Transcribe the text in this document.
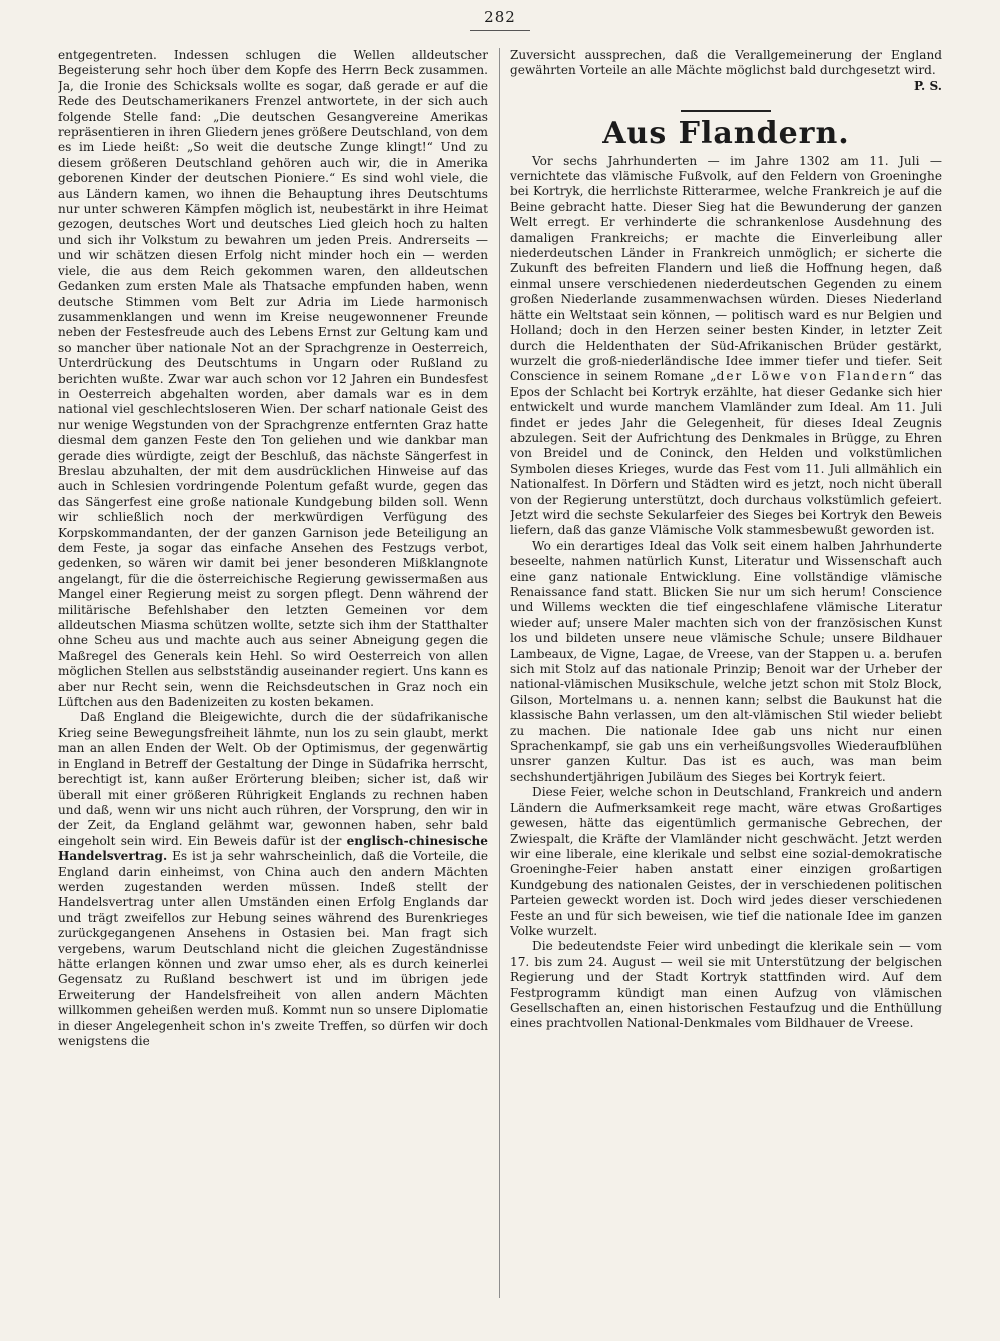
282

entgegentreten. Indessen schlugen die Wellen alldeutscher Begeisterung sehr hoch über dem Kopfe des Herrn Beck zusammen. Ja, die Ironie des Schicksals wollte es sogar, daß gerade er auf die Rede des Deutschamerikaners Frenzel antwortete, in der sich auch folgende Stelle fand: „Die deutschen Gesangvereine Amerikas repräsentieren in ihren Gliedern jenes größere Deutschland, von dem es im Liede heißt: „So weit die deutsche Zunge klingt!“ Und zu diesem größeren Deutschland gehören auch wir, die in Amerika geborenen Kinder der deutschen Pioniere.“ Es sind wohl viele, die aus Ländern kamen, wo ihnen die Behauptung ihres Deutschtums nur unter schweren Kämpfen möglich ist, neubestärkt in ihre Heimat gezogen, deutsches Wort und deutsches Lied gleich hoch zu halten und sich ihr Volkstum zu bewahren um jeden Preis. Andrerseits — und wir schätzen diesen Erfolg nicht minder hoch ein — werden viele, die aus dem Reich gekommen waren, den alldeutschen Gedanken zum ersten Male als Thatsache empfunden haben, wenn deutsche Stimmen vom Belt zur Adria im Liede harmonisch zusammenklangen und wenn im Kreise neugewonnener Freunde neben der Festesfreude auch des Lebens Ernst zur Geltung kam und so mancher über nationale Not an der Sprachgrenze in Oesterreich, Unterdrückung des Deutschtums in Ungarn oder Rußland zu berichten wußte. Zwar war auch schon vor 12 Jahren ein Bundesfest in Oesterreich abgehalten worden, aber damals war es in dem national viel geschlechtsloseren Wien. Der scharf nationale Geist des nur wenige Wegstunden von der Sprachgrenze entfernten Graz hatte diesmal dem ganzen Feste den Ton geliehen und wie dankbar man gerade dies würdigte, zeigt der Beschluß, das nächste Sängerfest in Breslau abzuhalten, der mit dem ausdrücklichen Hinweise auf das auch in Schlesien vordringende Polentum gefaßt wurde, gegen das das Sängerfest eine große nationale Kundgebung bilden soll. Wenn wir schließlich noch der merkwürdigen Verfügung des Korpskommandanten, der der ganzen Garnison jede Beteiligung an dem Feste, ja sogar das einfache Ansehen des Festzugs verbot, gedenken, so wären wir damit bei jener besonderen Mißklangnote angelangt, für die die österreichische Regierung gewissermaßen aus Mangel einer Regierung meist zu sorgen pflegt. Denn während der militärische Befehlshaber den letzten Gemeinen vor dem alldeutschen Miasma schützen wollte, setzte sich ihm der Statthalter ohne Scheu aus und machte auch aus seiner Abneigung gegen die Maßregel des Generals kein Hehl. So wird Oesterreich von allen möglichen Stellen aus selbstständig auseinander regiert. Uns kann es aber nur Recht sein, wenn die Reichsdeutschen in Graz noch ein Lüftchen aus den Badenizeiten zu kosten bekamen.

Daß England die Bleigewichte, durch die der südafrikanische Krieg seine Bewegungsfreiheit lähmte, nun los zu sein glaubt, merkt man an allen Enden der Welt. Ob der Optimismus, der gegenwärtig in England in Betreff der Gestaltung der Dinge in Südafrika herrscht, berechtigt ist, kann außer Erörterung bleiben; sicher ist, daß wir überall mit einer größeren Rührigkeit Englands zu rechnen haben und daß, wenn wir uns nicht auch rühren, der Vorsprung, den wir in der Zeit, da England gelähmt war, gewonnen haben, sehr bald eingeholt sein wird. Ein Beweis dafür ist der englisch-chinesische Handelsvertrag. Es ist ja sehr wahrscheinlich, daß die Vorteile, die England darin einheimst, von China auch den andern Mächten werden zugestanden werden müssen. Indeß stellt der Handelsvertrag unter allen Umständen einen Erfolg Englands dar und trägt zweifellos zur Hebung seines während des Burenkrieges zurückgegangenen Ansehens in Ostasien bei. Man fragt sich vergebens, warum Deutschland nicht die gleichen Zugeständnisse hätte erlangen können und zwar umso eher, als es durch keinerlei Gegensatz zu Rußland beschwert ist und im übrigen jede Erweiterung der Handelsfreiheit von allen andern Mächten willkommen geheißen werden muß. Kommt nun so unsere Diplomatie in dieser Angelegenheit schon in's zweite Treffen, so dürfen wir doch wenigstens die

Zuversicht aussprechen, daß die Verallgemeinerung der England gewährten Vorteile an alle Mächte möglichst bald durchgesetzt wird.

P. S.
Aus Flandern.

Vor sechs Jahrhunderten — im Jahre 1302 am 11. Juli — vernichtete das vlämische Fußvolk, auf den Feldern von Groeninghe bei Kortryk, die herrlichste Ritterarmee, welche Frankreich je auf die Beine gebracht hatte. Dieser Sieg hat die Bewunderung der ganzen Welt erregt. Er verhinderte die schrankenlose Ausdehnung des damaligen Frankreichs; er machte die Einverleibung aller niederdeutschen Länder in Frankreich unmöglich; er sicherte die Zukunft des befreiten Flandern und ließ die Hoffnung hegen, daß einmal unsere verschiedenen niederdeutschen Gegenden zu einem großen Niederlande zusammenwachsen würden. Dieses Niederland hätte ein Weltstaat sein können, — politisch ward es nur Belgien und Holland; doch in den Herzen seiner besten Kinder, in letzter Zeit durch die Heldenthaten der Süd-Afrikanischen Brüder gestärkt, wurzelt die groß-niederländische Idee immer tiefer und tiefer. Seit Conscience in seinem Romane „der Löwe von Flandern“ das Epos der Schlacht bei Kortryk erzählte, hat dieser Gedanke sich hier entwickelt und wurde manchem Vlamländer zum Ideal. Am 11. Juli findet er jedes Jahr die Gelegenheit, für dieses Ideal Zeugnis abzulegen. Seit der Aufrichtung des Denkmales in Brügge, zu Ehren von Breidel und de Coninck, den Helden und volkstümlichen Symbolen dieses Krieges, wurde das Fest vom 11. Juli allmählich ein Nationalfest. In Dörfern und Städten wird es jetzt, noch nicht überall von der Regierung unterstützt, doch durchaus volkstümlich gefeiert. Jetzt wird die sechste Sekularfeier des Sieges bei Kortryk den Beweis liefern, daß das ganze Vlämische Volk stammesbewußt geworden ist.

Wo ein derartiges Ideal das Volk seit einem halben Jahrhunderte beseelte, nahmen natürlich Kunst, Literatur und Wissenschaft auch eine ganz nationale Entwicklung. Eine vollständige vlämische Renaissance fand statt. Blicken Sie nur um sich herum! Conscience und Willems weckten die tief eingeschlafene vlämische Literatur wieder auf; unsere Maler machten sich von der französischen Kunst los und bildeten unsere neue vlämische Schule; unsere Bildhauer Lambeaux, de Vigne, Lagae, de Vreese, van der Stappen u. a. berufen sich mit Stolz auf das nationale Prinzip; Benoit war der Urheber der national-vlämischen Musikschule, welche jetzt schon mit Stolz Block, Gilson, Mortelmans u. a. nennen kann; selbst die Baukunst hat die klassische Bahn verlassen, um den alt-vlämischen Stil wieder beliebt zu machen. Die nationale Idee gab uns nicht nur einen Sprachenkampf, sie gab uns ein verheißungsvolles Wiederaufblühen unsrer ganzen Kultur. Das ist es auch, was man beim sechshundertjährigen Jubiläum des Sieges bei Kortryk feiert.

Diese Feier, welche schon in Deutschland, Frankreich und andern Ländern die Aufmerksamkeit rege macht, wäre etwas Großartiges gewesen, hätte das eigentümlich germanische Gebrechen, der Zwiespalt, die Kräfte der Vlamländer nicht geschwächt. Jetzt werden wir eine liberale, eine klerikale und selbst eine sozial-demokratische Groeninghe-Feier haben anstatt einer einzigen großartigen Kundgebung des nationalen Geistes, der in verschiedenen politischen Parteien geweckt worden ist. Doch wird jedes dieser verschiedenen Feste an und für sich beweisen, wie tief die nationale Idee im ganzen Volke wurzelt.

Die bedeutendste Feier wird unbedingt die klerikale sein — vom 17. bis zum 24. August — weil sie mit Unterstützung der belgischen Regierung und der Stadt Kortryk stattfinden wird. Auf dem Festprogramm kündigt man einen Aufzug von vlämischen Gesellschaften an, einen historischen Festaufzug und die Enthüllung eines prachtvollen National-Denkmales vom Bildhauer de Vreese.
